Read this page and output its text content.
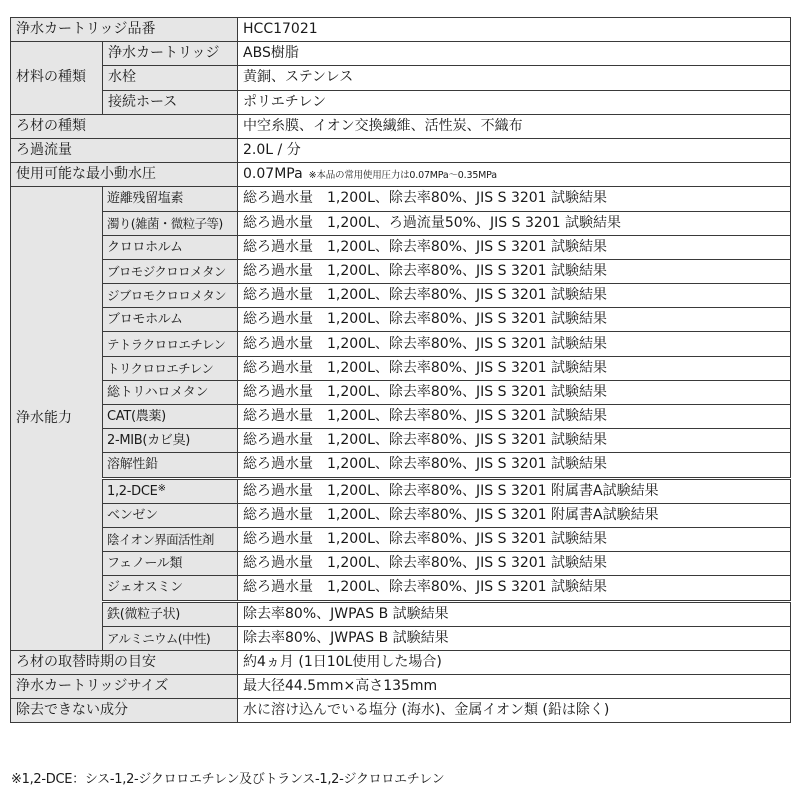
浄水カートリッジ品番		HCC17021
材料の種類	浄水カートリッジ	ABS樹脂
	水栓	黄銅、ステンレス
	接続ホース	ポリエチレン
ろ材の種類		中空糸膜、イオン交換繊維、活性炭、不織布
ろ過流量		2.0L / 分
使用可能な最小動水圧		0.07MPa ※本品の常用使用圧力は0.07MPa～0.35MPa
浄水能力	遊離残留塩素	総ろ過水量　1,200L、除去率80%、JIS S 3201 試験結果
	濁り(雑菌・微粒子等)	総ろ過水量　1,200L、ろ過流量50%、JIS S 3201 試験結果
	クロロホルム	総ろ過水量　1,200L、除去率80%、JIS S 3201 試験結果
	ブロモジクロロメタン	総ろ過水量　1,200L、除去率80%、JIS S 3201 試験結果
	ジブロモクロロメタン	総ろ過水量　1,200L、除去率80%、JIS S 3201 試験結果
	ブロモホルム	総ろ過水量　1,200L、除去率80%、JIS S 3201 試験結果
	テトラクロロエチレン	総ろ過水量　1,200L、除去率80%、JIS S 3201 試験結果
	トリクロロエチレン	総ろ過水量　1,200L、除去率80%、JIS S 3201 試験結果
	総トリハロメタン	総ろ過水量　1,200L、除去率80%、JIS S 3201 試験結果
	CAT(農薬)	総ろ過水量　1,200L、除去率80%、JIS S 3201 試験結果
	2-MIB(カビ臭)	総ろ過水量　1,200L、除去率80%、JIS S 3201 試験結果
	溶解性鉛	総ろ過水量　1,200L、除去率80%、JIS S 3201 試験結果
	1,2-DCE※	総ろ過水量　1,200L、除去率80%、JIS S 3201 附属書A試験結果
	ベンゼン	総ろ過水量　1,200L、除去率80%、JIS S 3201 附属書A試験結果
	陰イオン界面活性剤	総ろ過水量　1,200L、除去率80%、JIS S 3201 試験結果
	フェノール類	総ろ過水量　1,200L、除去率80%、JIS S 3201 試験結果
	ジェオスミン	総ろ過水量　1,200L、除去率80%、JIS S 3201 試験結果
	鉄(微粒子状)	除去率80%、JWPAS B 試験結果
	アルミニウム(中性)	除去率80%、JWPAS B 試験結果
ろ材の取替時期の目安		約4ヵ月 (1日10L使用した場合)
浄水カートリッジサイズ		最大径44.5mm×高さ135mm
除去できない成分		水に溶け込んでいる塩分 (海水)、金属イオン類 (鉛は除く)
※1,2-DCE：シス-1,2-ジクロロエチレン及びトランス-1,2-ジクロロエチレン
